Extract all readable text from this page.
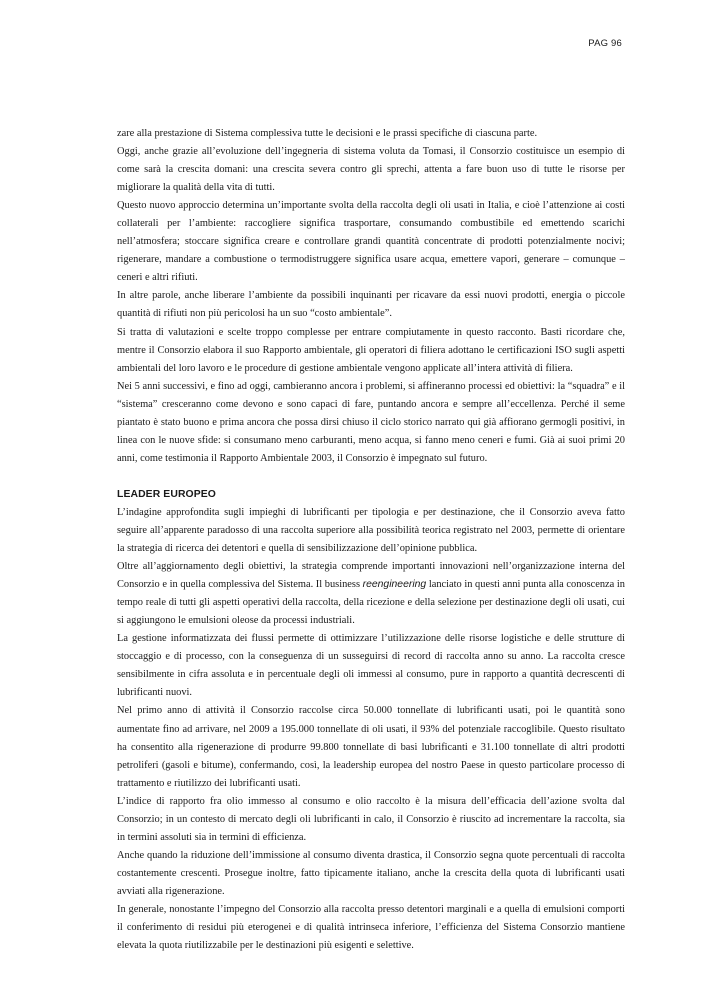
PAG 96

zare alla prestazione di Sistema complessiva tutte le decisioni e le prassi specifiche di ciascuna parte.

Oggi, anche grazie all’evoluzione dell’ingegneria di sistema voluta da Tomasi, il Consorzio costituisce un esempio di come sarà la crescita domani: una crescita severa contro gli sprechi, attenta a fare buon uso di tutte le risorse per migliorare la qualità della vita di tutti.

Questo nuovo approccio determina un’importante svolta della raccolta degli oli usati in Italia, e cioè l’attenzione ai costi collaterali per l’ambiente: raccogliere significa trasportare, consumando combustibile ed emettendo scarichi nell’atmosfera; stoccare significa creare e controllare grandi quantità concentrate di prodotti potenzialmente nocivi; rigenerare, mandare a combustione o termodistruggere significa usare acqua, emettere vapori, generare – comunque – ceneri e altri rifiuti.

In altre parole, anche liberare l’ambiente da possibili inquinanti per ricavare da essi nuovi prodotti, energia o piccole quantità di rifiuti non più pericolosi ha un suo “costo ambientale”.

Si tratta di valutazioni e scelte troppo complesse per entrare compiutamente in questo racconto. Basti ricordare che, mentre il Consorzio elabora il suo Rapporto ambientale, gli operatori di filiera adottano le certificazioni ISO sugli aspetti ambientali del loro lavoro e le procedure di gestione ambientale vengono applicate all’intera attività di filiera.

Nei 5 anni successivi, e fino ad oggi, cambieranno ancora i problemi, si affineranno processi ed obiettivi: la “squadra” e il “sistema” cresceranno come devono e sono capaci di fare, puntando ancora e sempre all’eccellenza. Perché il seme piantato è stato buono e prima ancora che possa dirsi chiuso il ciclo storico narrato qui già affiorano germogli positivi, in linea con le nuove sfide: si consumano meno carburanti, meno acqua, si fanno meno ceneri e fumi. Già ai suoi primi 20 anni, come testimonia il Rapporto Ambientale 2003, il Consorzio è impegnato sul futuro.

LEADER EUROPEO

L’indagine approfondita sugli impieghi di lubrificanti per tipologia e per destinazione, che il Consorzio aveva fatto seguire all’apparente paradosso di una raccolta superiore alla possibilità teorica registrato nel 2003, permette di orientare la strategia di ricerca dei detentori e quella di sensibilizzazione dell’opinione pubblica.

Oltre all’aggiornamento degli obiettivi, la strategia comprende importanti innovazioni nell’organizzazione interna del Consorzio e in quella complessiva del Sistema. Il business reengineering lanciato in questi anni punta alla conoscenza in tempo reale di tutti gli aspetti operativi della raccolta, della ricezione e della selezione per destinazione degli oli usati, cui si aggiungono le emulsioni oleose da processi industriali.

La gestione informatizzata dei flussi permette di ottimizzare l’utilizzazione delle risorse logistiche e delle strutture di stoccaggio e di processo, con la conseguenza di un susseguirsi di record di raccolta anno su anno. La raccolta cresce sensibilmente in cifra assoluta e in percentuale degli oli immessi al consumo, pure in rapporto a quantità decrescenti di lubrificanti nuovi.

Nel primo anno di attività il Consorzio raccolse circa 50.000 tonnellate di lubrificanti usati, poi le quantità sono aumentate fino ad arrivare, nel 2009 a 195.000 tonnellate di oli usati, il 93% del potenziale raccoglibile. Questo risultato ha consentito alla rigenerazione di produrre 99.800 tonnellate di basi lubrificanti e 31.100 tonnellate di altri prodotti petroliferi (gasoli e bitume), confermando, così, la leadership europea del nostro Paese in questo particolare processo di trattamento e riutilizzo dei lubrificanti usati.

L’indice di rapporto fra olio immesso al consumo e olio raccolto è la misura dell’efficacia dell’azione svolta dal Consorzio; in un contesto di mercato degli oli lubrificanti in calo, il Consorzio è riuscito ad incrementare la raccolta, sia in termini assoluti sia in termini di efficienza.

Anche quando la riduzione dell’immissione al consumo diventa drastica, il Consorzio segna quote percentuali di raccolta costantemente crescenti. Prosegue inoltre, fatto tipicamente italiano, anche la crescita della quota di lubrificanti usati avviati alla rigenerazione.

In generale, nonostante l’impegno del Consorzio alla raccolta presso detentori marginali e a quella di emulsioni comporti il conferimento di residui più eterogenei e di qualità intrinseca inferiore, l’efficienza del Sistema Consorzio mantiene elevata la quota riutilizzabile per le destinazioni più esigenti e selettive.
